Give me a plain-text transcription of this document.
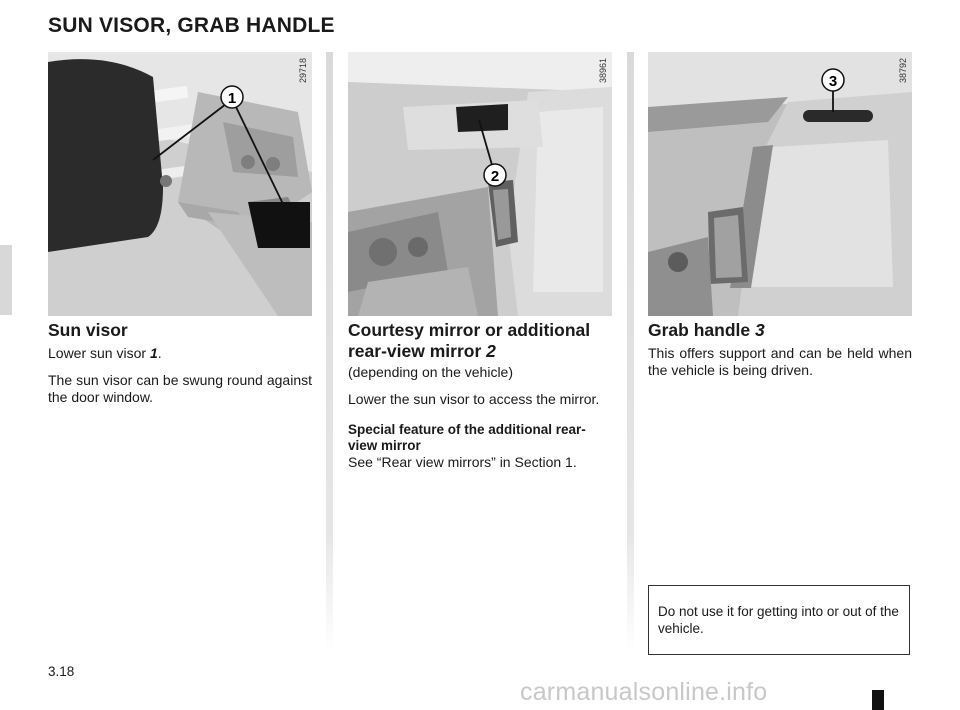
SUN VISOR, GRAB HANDLE
29718
1
38961
2
38792
3
Sun visor

Lower sun visor 1.

The sun visor can be swung round against the door window.

Courtesy mirror or additional rear-view mirror 2

(depending on the vehicle)

Lower the sun visor to access the mirror.

Special feature of the additional rear-view mirror

See “Rear view mirrors” in Section 1.

Grab handle 3

This offers support and can be held when the vehicle is being driven.

Do not use it for getting into or out of the vehicle.
3.18
carmanualsonline.info
